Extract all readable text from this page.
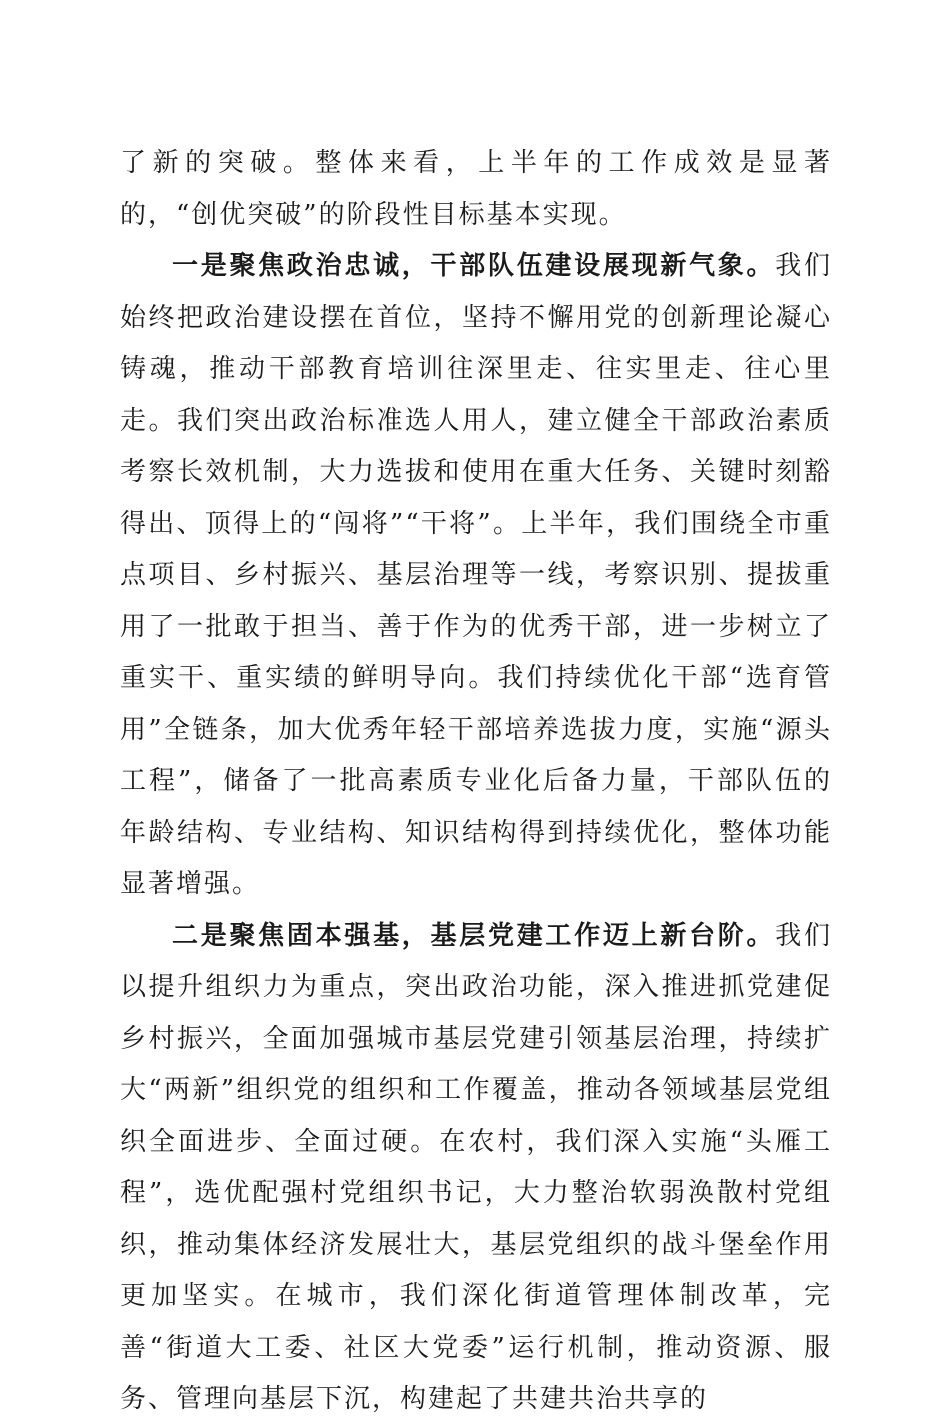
了新的突破。整体来看，上半年的工作成效是显著的，“创优突破”的阶段性目标基本实现。

一是聚焦政治忠诚，干部队伍建设展现新气象。我们始终把政治建设摆在首位，坚持不懈用党的创新理论凝心铸魂，推动干部教育培训往深里走、往实里走、往心里走。我们突出政治标准选人用人，建立健全干部政治素质考察长效机制，大力选拔和使用在重大任务、关键时刻豁得出、顶得上的“闯将”“干将”。上半年，我们围绕全市重点项目、乡村振兴、基层治理等一线，考察识别、提拔重用了一批敢于担当、善于作为的优秀干部，进一步树立了重实干、重实绩的鲜明导向。我们持续优化干部“选育管用”全链条，加大优秀年轻干部培养选拔力度，实施“源头工程”，储备了一批高素质专业化后备力量，干部队伍的年龄结构、专业结构、知识结构得到持续优化，整体功能显著增强。

二是聚焦固本强基，基层党建工作迈上新台阶。我们以提升组织力为重点，突出政治功能，深入推进抓党建促乡村振兴，全面加强城市基层党建引领基层治理，持续扩大“两新”组织党的组织和工作覆盖，推动各领域基层党组织全面进步、全面过硬。在农村，我们深入实施“头雁工程”，选优配强村党组织书记，大力整治软弱涣散村党组织，推动集体经济发展壮大，基层党组织的战斗堡垒作用更加坚实。在城市，我们深化街道管理体制改革，完善“街道大工委、社区大党委”运行机制，推动资源、服务、管理向基层下沉，构建起了共建共治共享的
